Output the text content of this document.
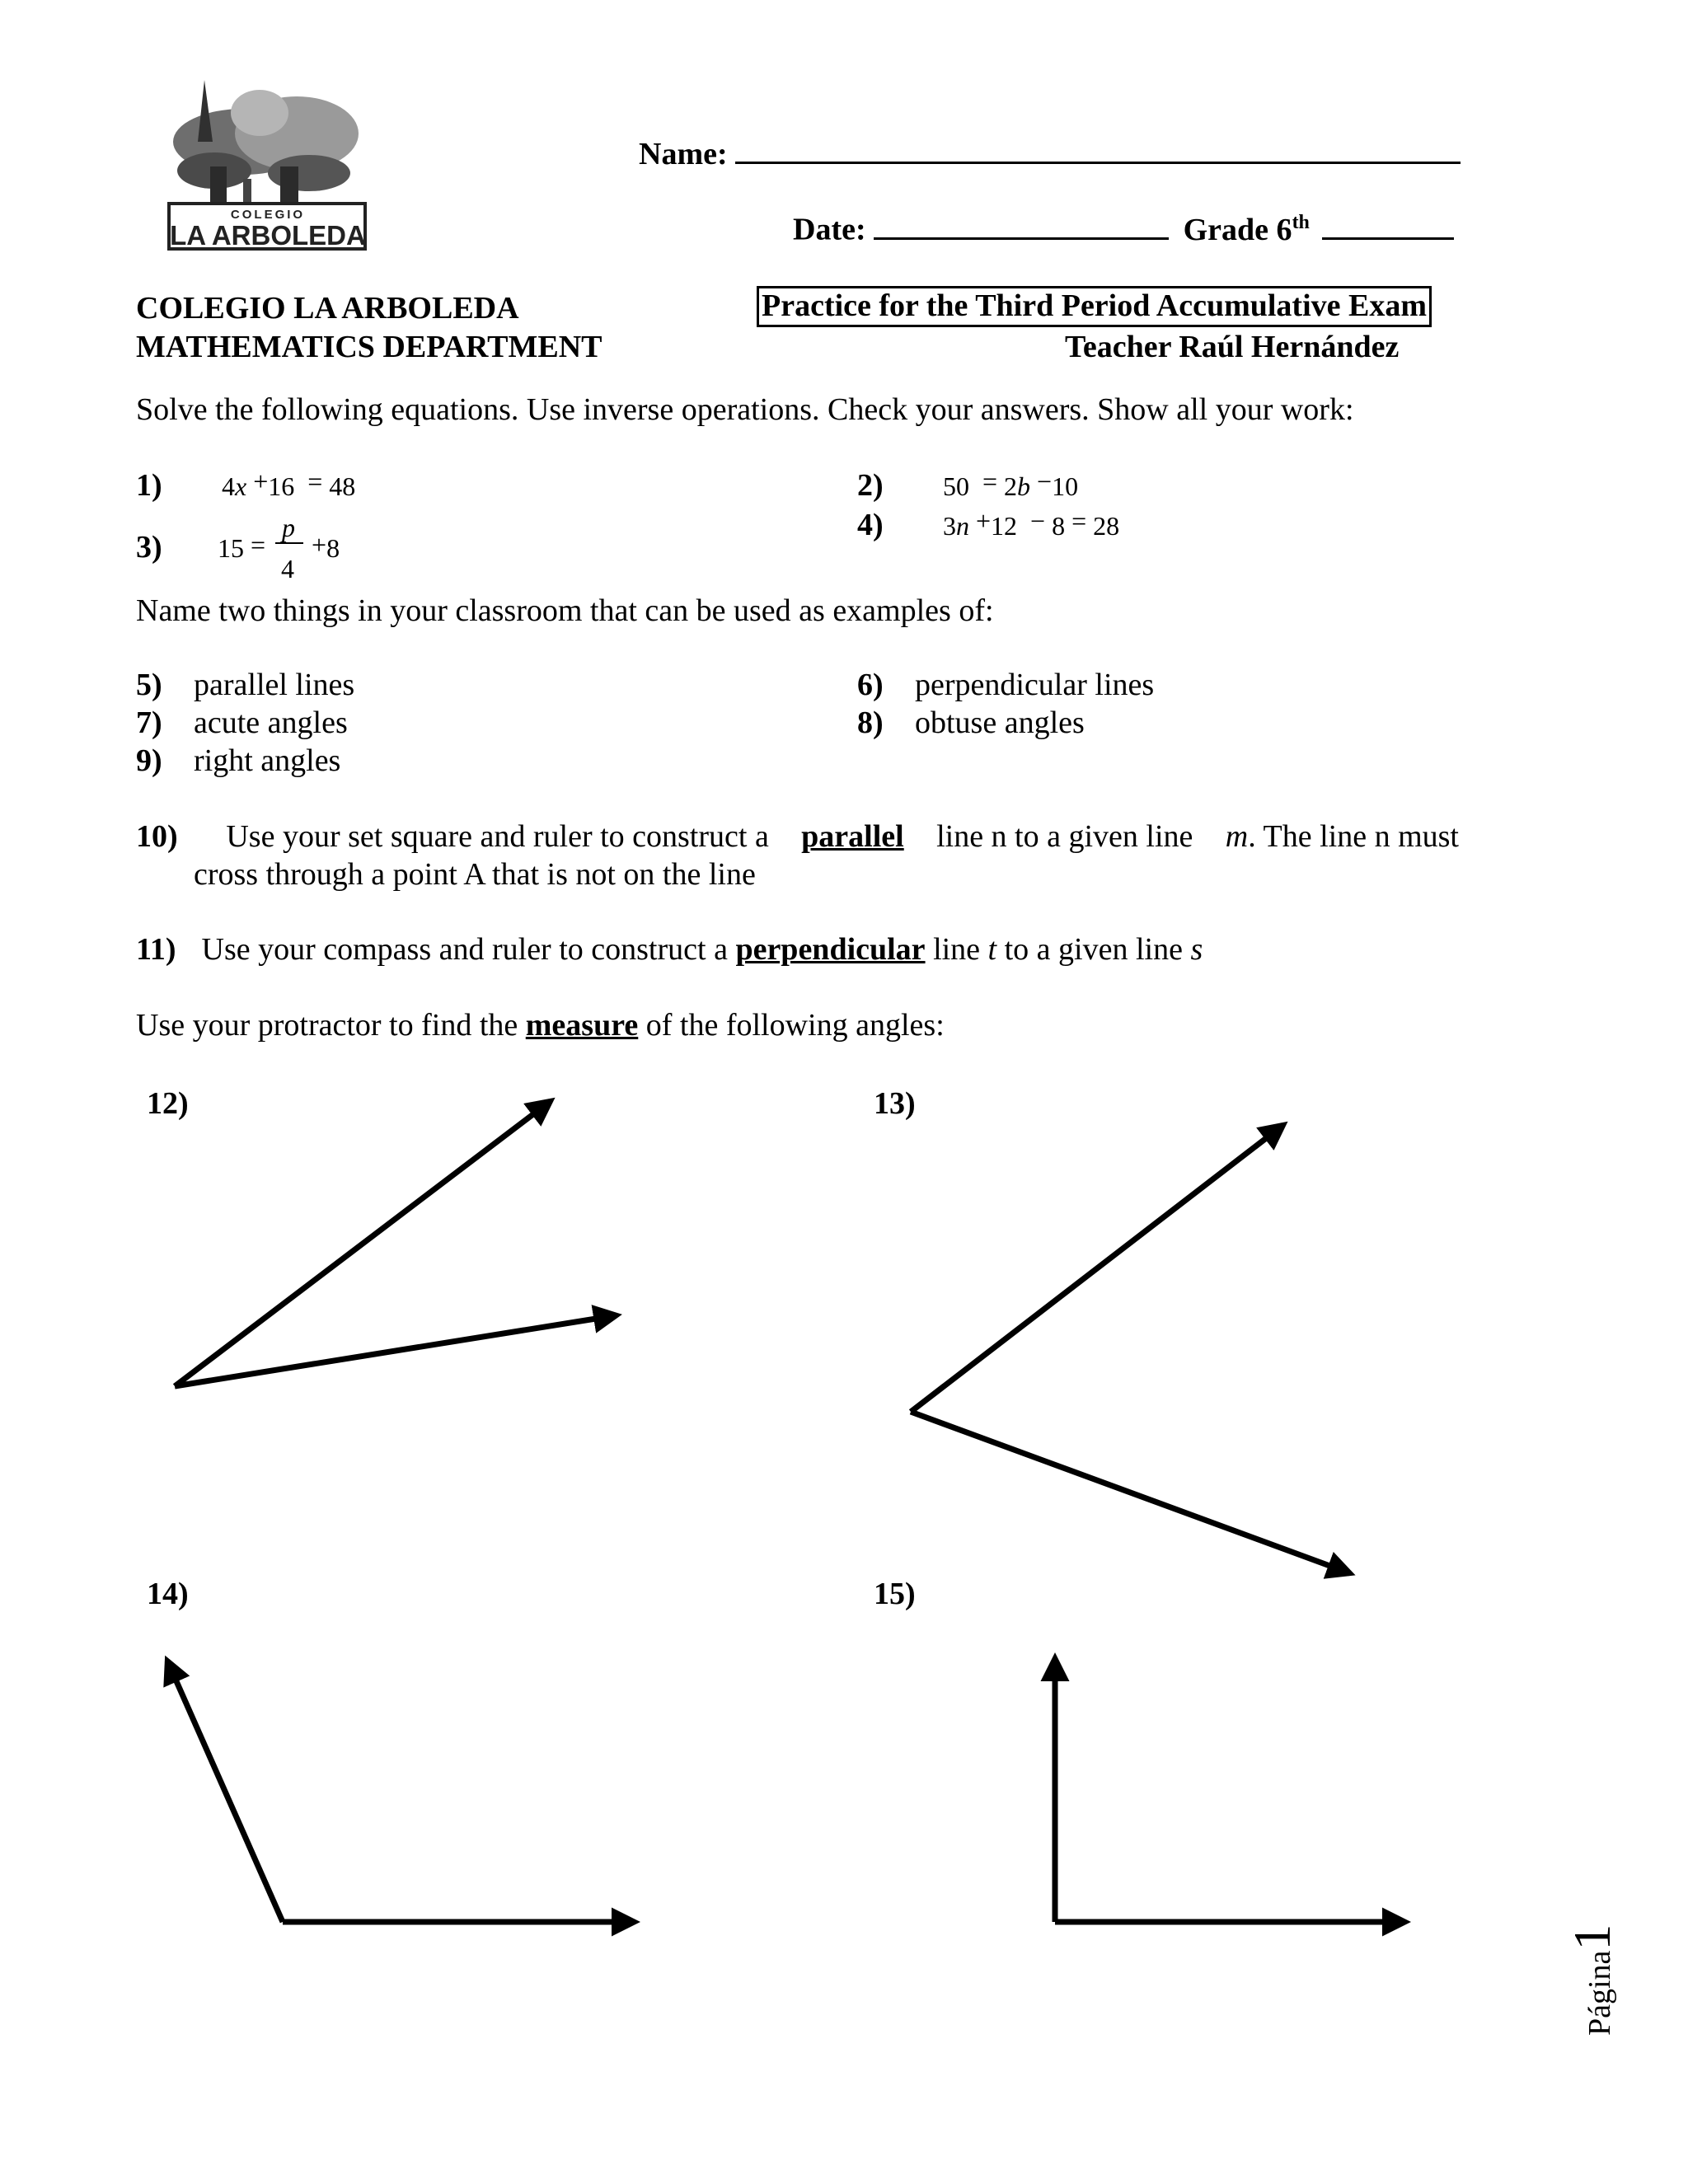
COLEGIO
LA ARBOLEDA
Name:
Date:	Grade 6th
COLEGIO LA ARBOLEDA
MATHEMATICS DEPARTMENT
Practice for the Third Period Accumulative Exam
Teacher Raúl Hernández
Solve the following equations. Use inverse operations. Check your answers. Show all your work:
1) 4x +16 = 48	2) 50 = 2b −10
3) $15 = \frac{p}{4} +8$
4) 3n +12 − 8 = 28
Name two things in your classroom that can be used as examples of:
5) parallel lines	6) perpendicular lines
7) acute angles	8) obtuse angles
9) right angles
10)	Use your set square and ruler to construct a parallel line n to a given line m. The line n must
cross through a point A that is not on the line
11) Use your compass and ruler to construct a perpendicular line t to a given line s
Use your protractor to find the measure of the following angles:
12)	13)
14)	15)
Página1
